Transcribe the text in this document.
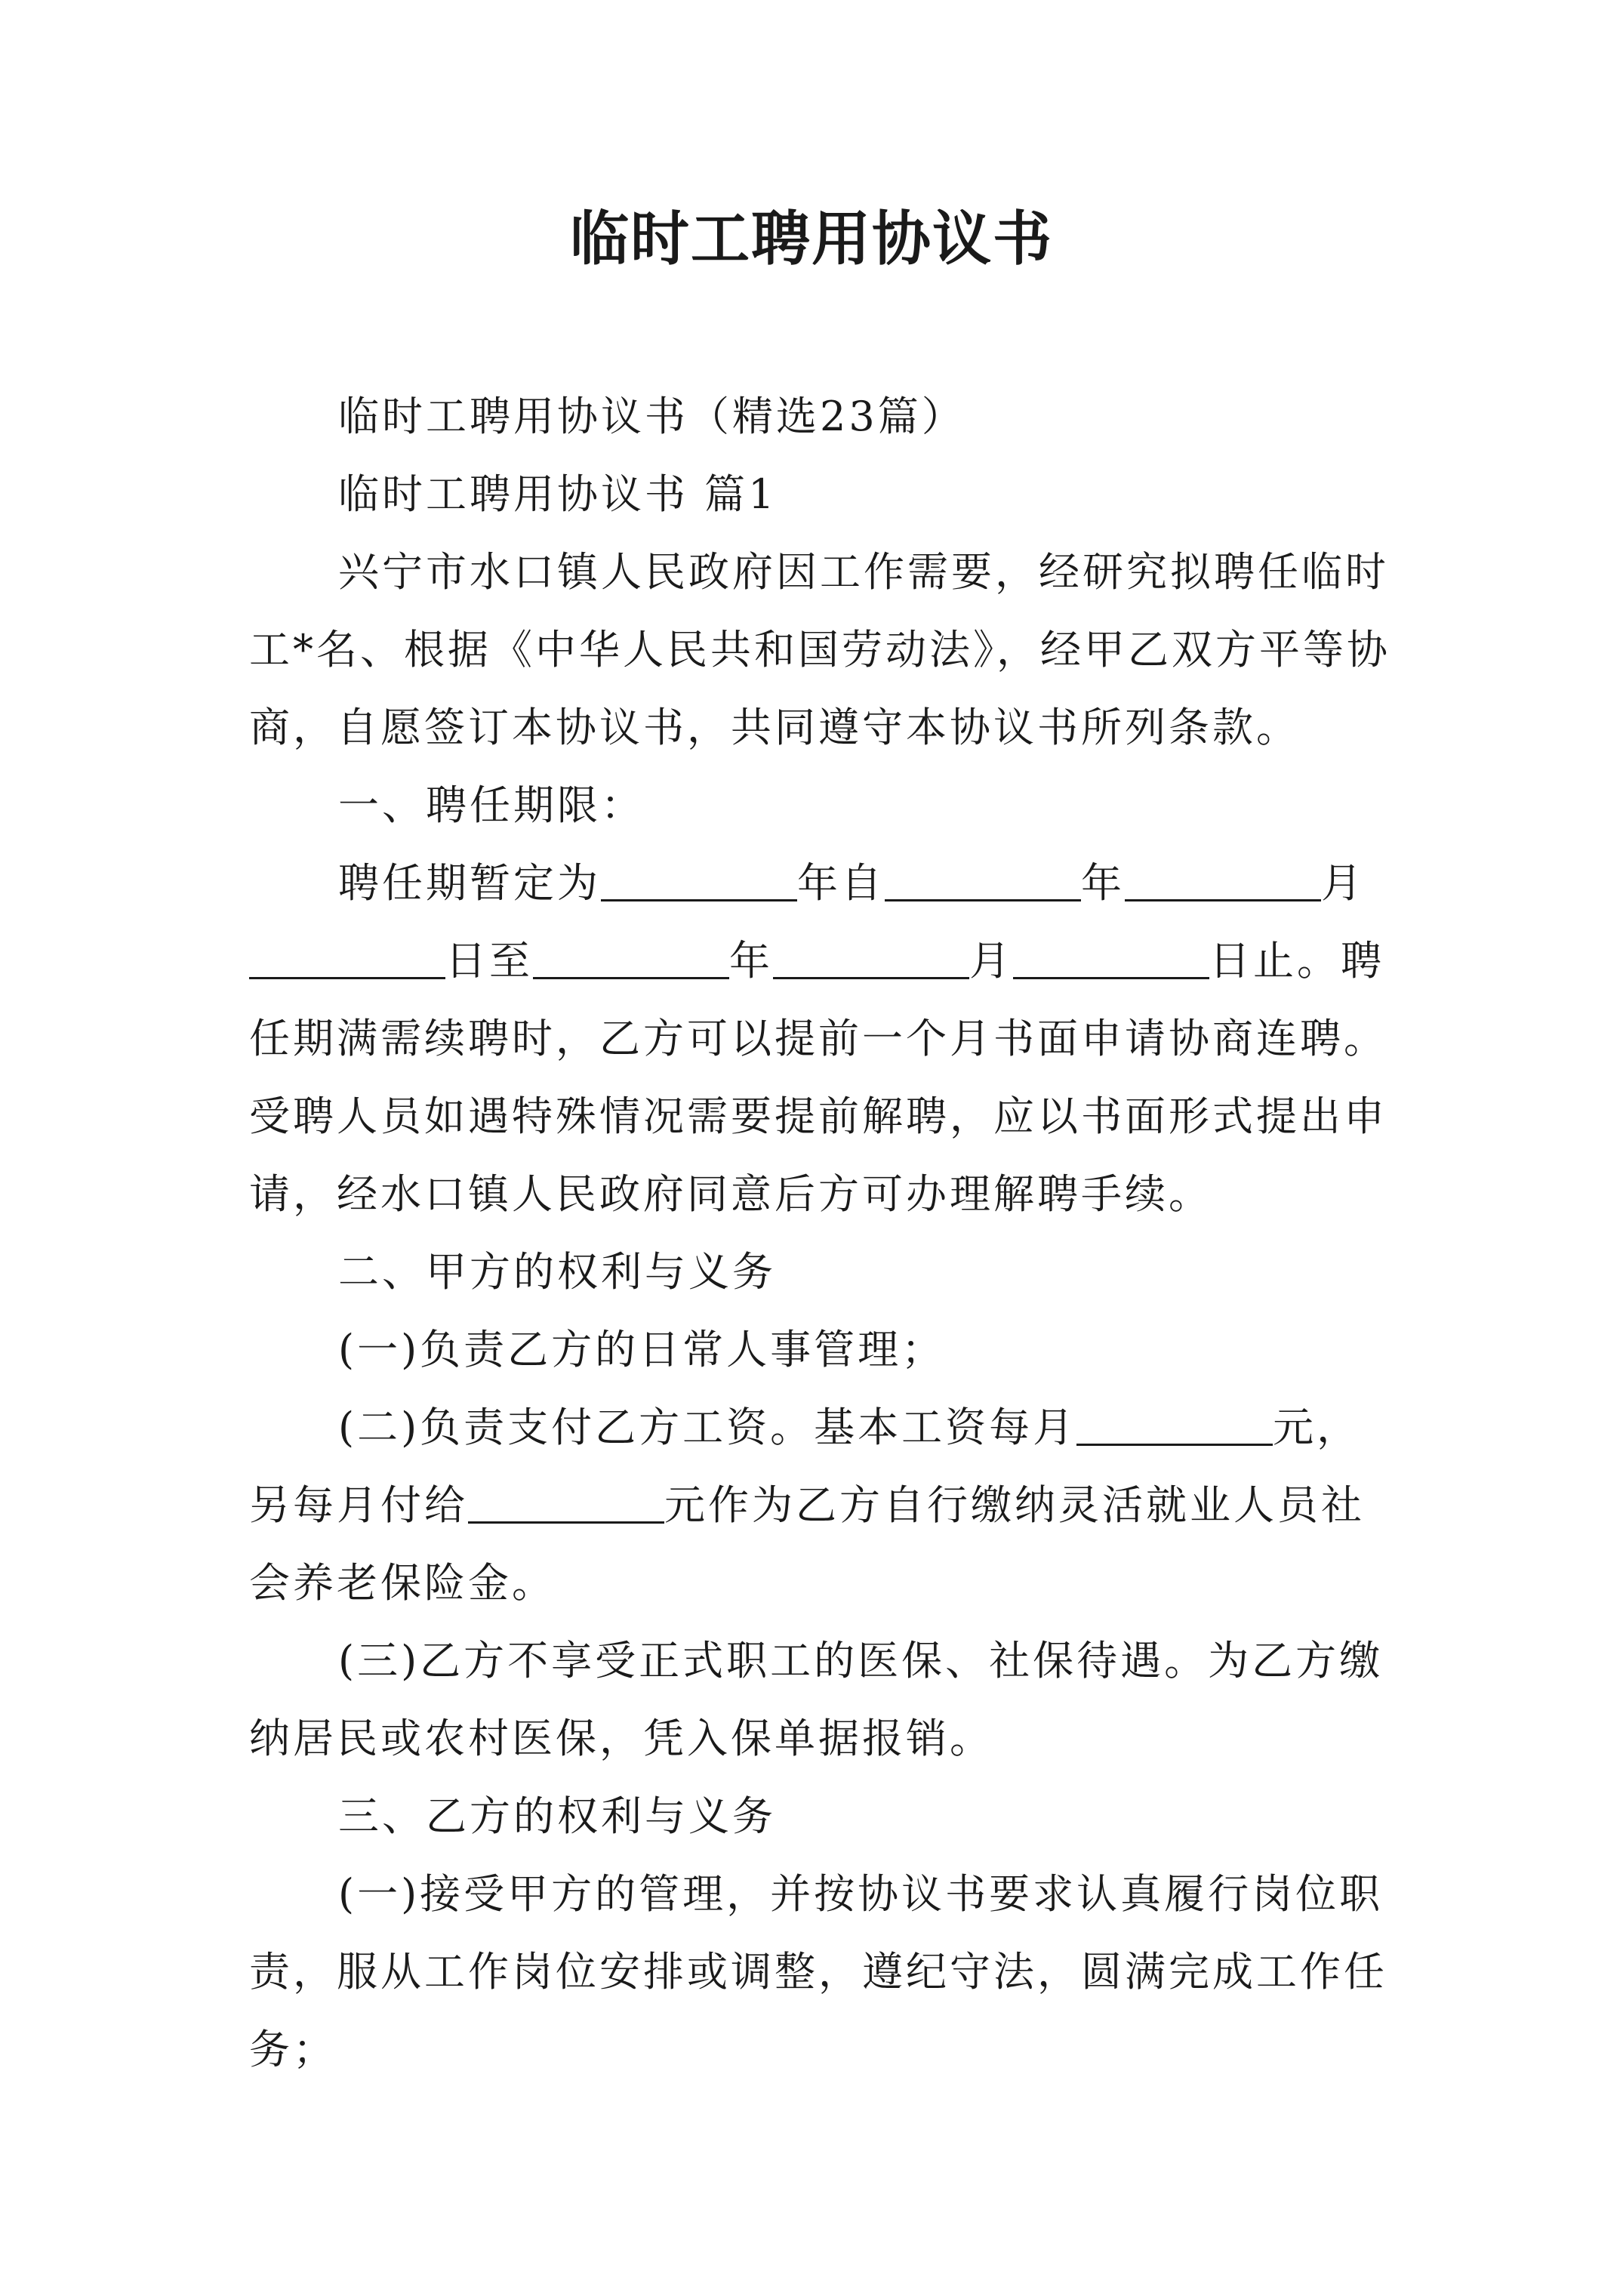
临时工聘用协议书
临时工聘用协议书（精选23篇）
临时工聘用协议书 篇1
兴宁市水口镇人民政府因工作需要，经研究拟聘任临时
工*名、根据《中华人民共和国劳动法》，经甲乙双方平等协
商，自愿签订本协议书，共同遵守本协议书所列条款。
一、聘任期限：
聘任期暂定为	年自	年	月
日至	年	月	日止。聘
任期满需续聘时，乙方可以提前一个月书面申请协商连聘。
受聘人员如遇特殊情况需要提前解聘，应以书面形式提出申
请，经水口镇人民政府同意后方可办理解聘手续。
二、甲方的权利与义务
(一)负责乙方的日常人事管理；
(二)负责支付乙方工资。基本工资每月	元，
另每月付给	元作为乙方自行缴纳灵活就业人员社
会养老保险金。
(三)乙方不享受正式职工的医保、社保待遇。为乙方缴
纳居民或农村医保，凭入保单据报销。
三、乙方的权利与义务
(一)接受甲方的管理，并按协议书要求认真履行岗位职
责，服从工作岗位安排或调整，遵纪守法，圆满完成工作任
务；
